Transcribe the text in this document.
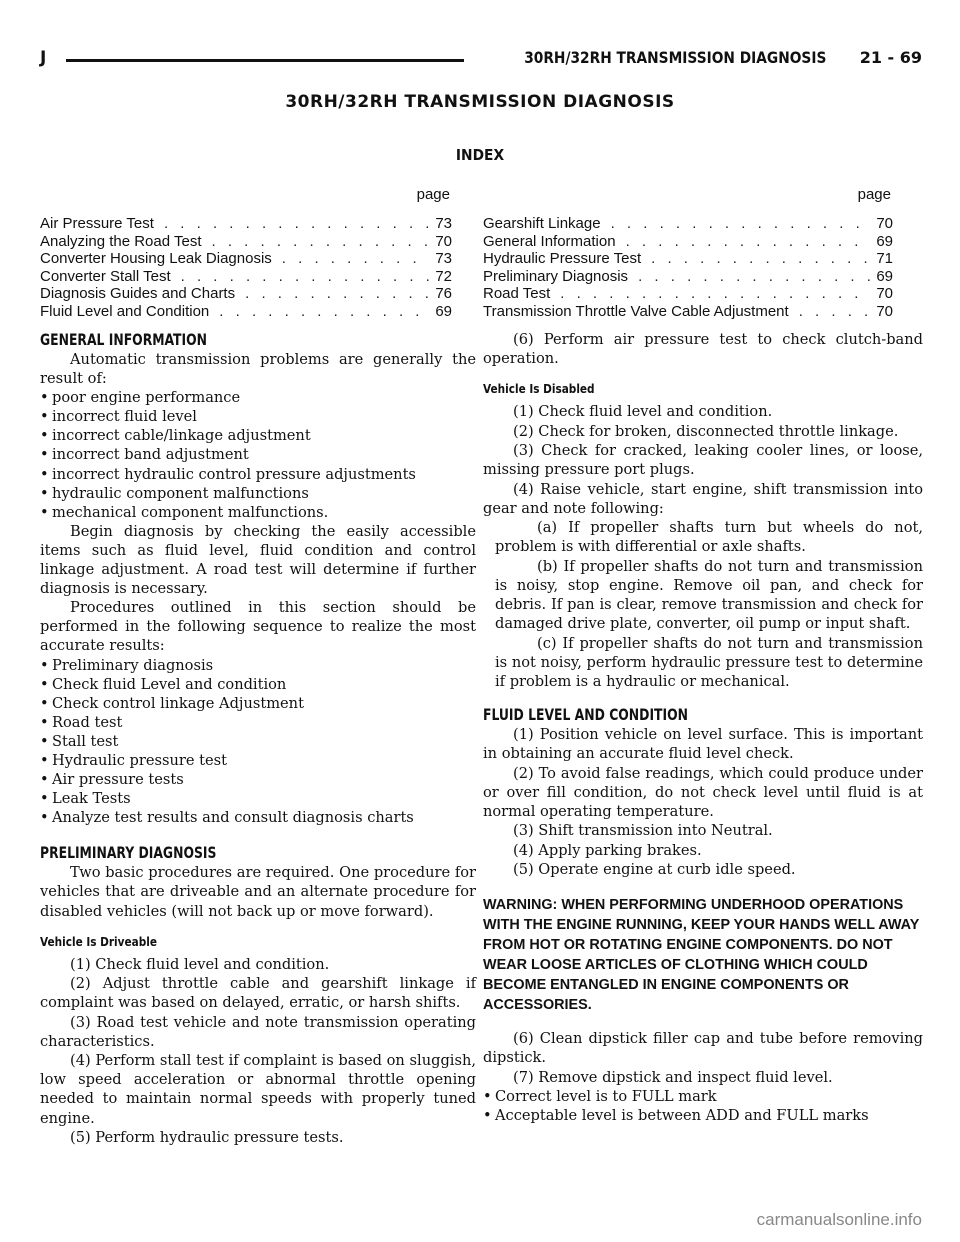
J	30RH/32RH TRANSMISSION DIAGNOSIS 21 - 69
30RH/32RH TRANSMISSION DIAGNOSIS
INDEX
page
Air Pressure Test . . .	73
Analyzing the Road Test . . .	70
Converter Housing Leak Diagnosis . . .	73
Converter Stall Test . . .	72
Diagnosis Guides and Charts . . .	76
Fluid Level and Condition . . .	69
page
Gearshift Linkage . . .	70
General Information . . .	69
Hydraulic Pressure Test . . .	71
Preliminary Diagnosis . . .	69
Road Test . . .	70
Transmission Throttle Valve Cable Adjustment . . .	70
GENERAL INFORMATION

Automatic transmission problems are generally the result of:

• poor engine performance
• incorrect fluid level
• incorrect cable/linkage adjustment
• incorrect band adjustment
• incorrect hydraulic control pressure adjustments
• hydraulic component malfunctions
• mechanical component malfunctions.

Begin diagnosis by checking the easily accessible items such as fluid level, fluid condition and control linkage adjustment. A road test will determine if further diagnosis is necessary.

Procedures outlined in this section should be performed in the following sequence to realize the most accurate results:

• Preliminary diagnosis
• Check fluid Level and condition
• Check control linkage Adjustment
• Road test
• Stall test
• Hydraulic pressure test
• Air pressure tests
• Leak Tests
• Analyze test results and consult diagnosis charts
PRELIMINARY DIAGNOSIS

Two basic procedures are required. One procedure for vehicles that are driveable and an alternate procedure for disabled vehicles (will not back up or move forward).

Vehicle Is Driveable

(1) Check fluid level and condition.

(2) Adjust throttle cable and gearshift linkage if complaint was based on delayed, erratic, or harsh shifts.

(3) Road test vehicle and note transmission operating characteristics.

(4) Perform stall test if complaint is based on sluggish, low speed acceleration or abnormal throttle opening needed to maintain normal speeds with properly tuned engine.

(5) Perform hydraulic pressure tests.

(6) Perform air pressure test to check clutch-band operation.

Vehicle Is Disabled

(1) Check fluid level and condition.

(2) Check for broken, disconnected throttle linkage.

(3) Check for cracked, leaking cooler lines, or loose, missing pressure port plugs.

(4) Raise vehicle, start engine, shift transmission into gear and note following:

(a) If propeller shafts turn but wheels do not, problem is with differential or axle shafts.

(b) If propeller shafts do not turn and transmission is noisy, stop engine. Remove oil pan, and check for debris. If pan is clear, remove transmission and check for damaged drive plate, converter, oil pump or input shaft.

(c) If propeller shafts do not turn and transmission is not noisy, perform hydraulic pressure test to determine if problem is a hydraulic or mechanical.

FLUID LEVEL AND CONDITION

(1) Position vehicle on level surface. This is important in obtaining an accurate fluid level check.

(2) To avoid false readings, which could produce under or over fill condition, do not check level until fluid is at normal operating temperature.

(3) Shift transmission into Neutral.

(4) Apply parking brakes.

(5) Operate engine at curb idle speed.

WARNING: WHEN PERFORMING UNDERHOOD OPERATIONS WITH THE ENGINE RUNNING, KEEP YOUR HANDS WELL AWAY FROM HOT OR ROTATING ENGINE COMPONENTS. DO NOT WEAR LOOSE ARTICLES OF CLOTHING WHICH COULD BECOME ENTANGLED IN ENGINE COMPONENTS OR ACCESSORIES.

(6) Clean dipstick filler cap and tube before removing dipstick.

(7) Remove dipstick and inspect fluid level.

• Correct level is to FULL mark
• Acceptable level is between ADD and FULL marks
carmanualsonline.info
